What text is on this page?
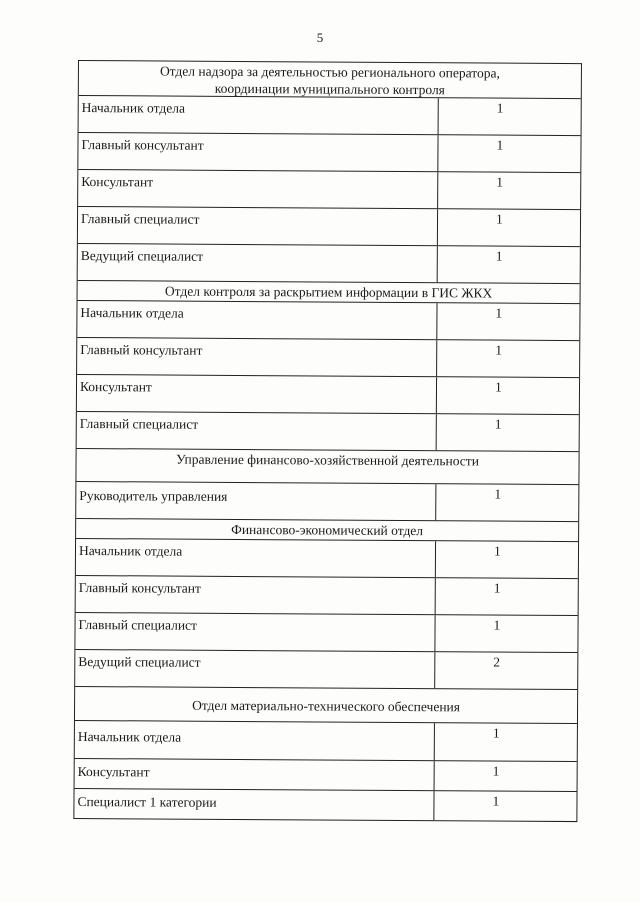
5
Отдел надзора за деятельностью регионального оператора,
координации муниципального контроля
Начальник отдела	1
Главный консультант	1
Консультант	1
Главный специалист	1
Ведущий специалист	1
Отдел контроля за раскрытием информации в ГИС ЖКХ
Начальник отдела	1
Главный консультант	1
Консультант	1
Главный специалист	1
Управление финансово-хозяйственной деятельности
Руководитель управления	1
Финансово-экономический отдел
Начальник отдела	1
Главный консультант	1
Главный специалист	1
Ведущий специалист	2
Отдел материально-технического обеспечения
Начальник отдела	1
Консультант	1
Специалист 1 категории	1
